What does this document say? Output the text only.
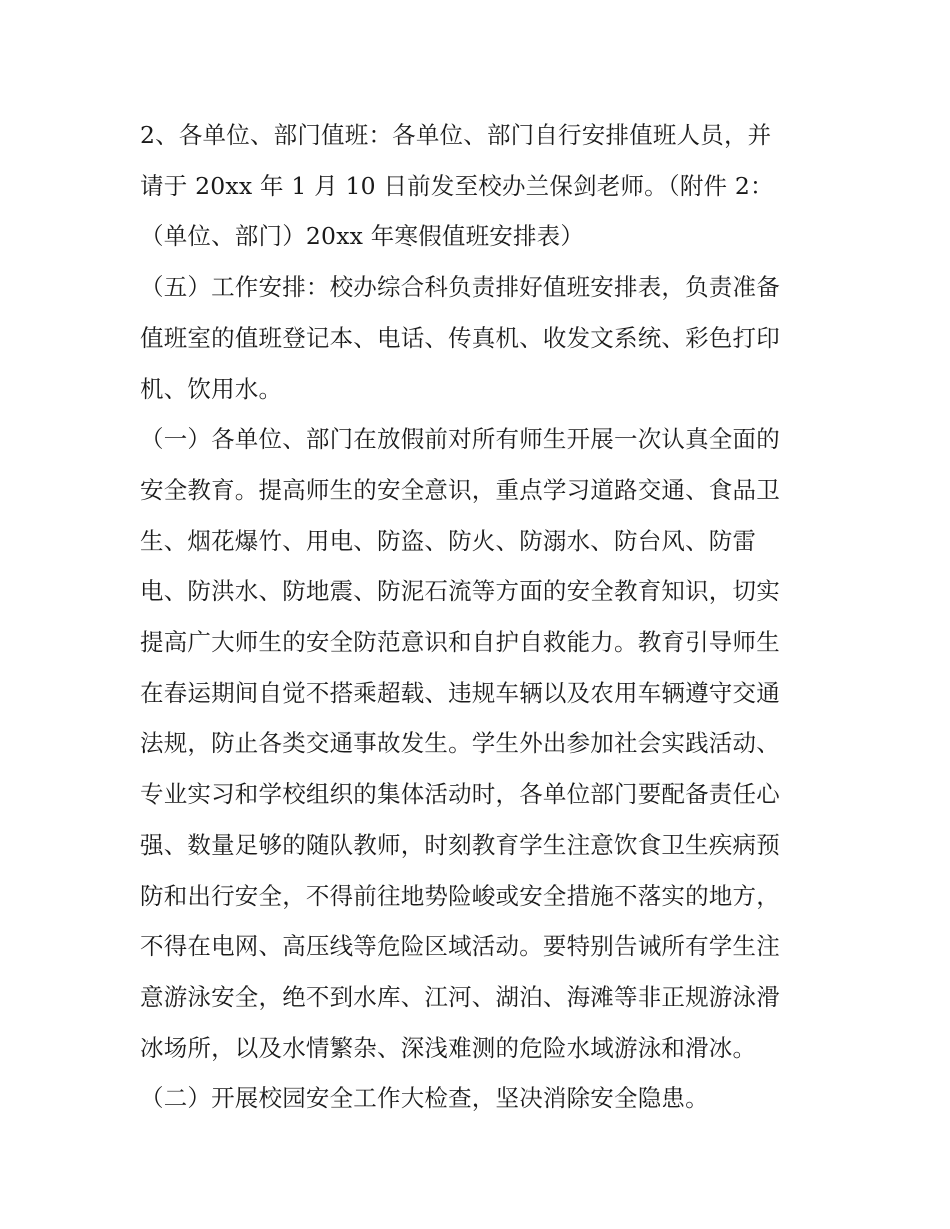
2、各单位、部门值班：各单位、部门自行安排值班人员，并

请于 20xx 年 1 月 10 日前发至校办兰保剑老师。（附件 2：

（单位、部门）20xx 年寒假值班安排表）

（五）工作安排：校办综合科负责排好值班安排表，负责准备

值班室的值班登记本、电话、传真机、收发文系统、彩色打印

机、饮用水。

（一）各单位、部门在放假前对所有师生开展一次认真全面的

安全教育。提高师生的安全意识，重点学习道路交通、食品卫

生、烟花爆竹、用电、防盗、防火、防溺水、防台风、防雷

电、防洪水、防地震、防泥石流等方面的安全教育知识，切实

提高广大师生的安全防范意识和自护自救能力。教育引导师生

在春运期间自觉不搭乘超载、违规车辆以及农用车辆遵守交通

法规，防止各类交通事故发生。学生外出参加社会实践活动、

专业实习和学校组织的集体活动时，各单位部门要配备责任心

强、数量足够的随队教师，时刻教育学生注意饮食卫生疾病预

防和出行安全，不得前往地势险峻或安全措施不落实的地方，

不得在电网、高压线等危险区域活动。要特别告诫所有学生注

意游泳安全，绝不到水库、江河、湖泊、海滩等非正规游泳滑

冰场所，以及水情繁杂、深浅难测的危险水域游泳和滑冰。

（二）开展校园安全工作大检查，坚决消除安全隐患。
